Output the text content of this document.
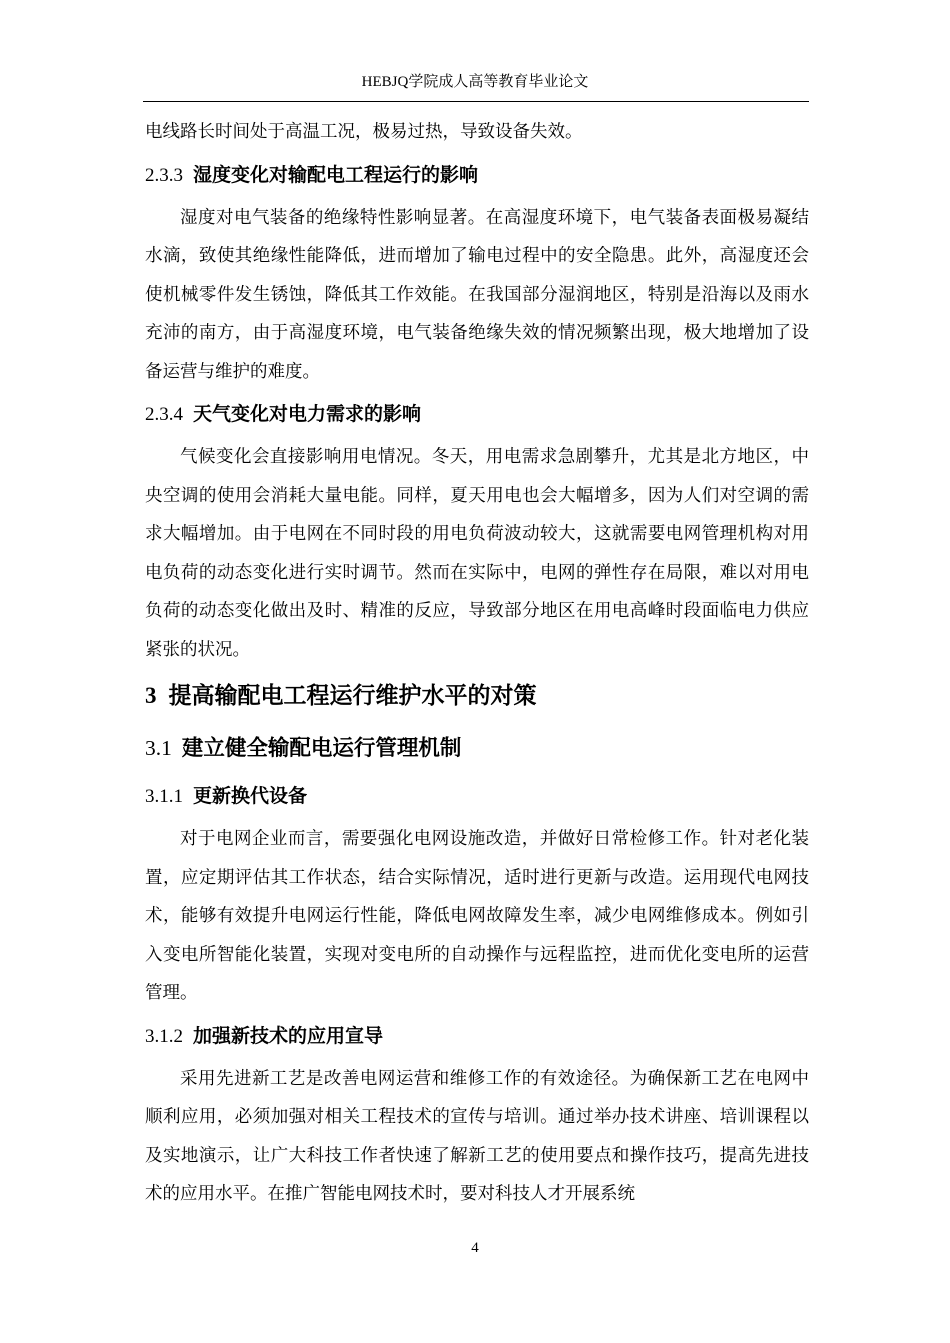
HEBJQ学院成人高等教育毕业论文

电线路长时间处于高温工况，极易过热，导致设备失效。

2.3.3 湿度变化对输配电工程运行的影响

湿度对电气装备的绝缘特性影响显著。在高湿度环境下，电气装备表面极易凝结水滴，致使其绝缘性能降低，进而增加了输电过程中的安全隐患。此外，高湿度还会使机械零件发生锈蚀，降低其工作效能。在我国部分湿润地区，特别是沿海以及雨水充沛的南方，由于高湿度环境，电气装备绝缘失效的情况频繁出现，极大地增加了设备运营与维护的难度。

2.3.4 天气变化对电力需求的影响

气候变化会直接影响用电情况。冬天，用电需求急剧攀升，尤其是北方地区，中央空调的使用会消耗大量电能。同样，夏天用电也会大幅增多，因为人们对空调的需求大幅增加。由于电网在不同时段的用电负荷波动较大，这就需要电网管理机构对用电负荷的动态变化进行实时调节。然而在实际中，电网的弹性存在局限，难以对用电负荷的动态变化做出及时、精准的反应，导致部分地区在用电高峰时段面临电力供应紧张的状况。

3 提高输配电工程运行维护水平的对策
3.1 建立健全输配电运行管理机制
3.1.1 更新换代设备

对于电网企业而言，需要强化电网设施改造，并做好日常检修工作。针对老化装置，应定期评估其工作状态，结合实际情况，适时进行更新与改造。运用现代电网技术，能够有效提升电网运行性能，降低电网故障发生率，减少电网维修成本。例如引入变电所智能化装置，实现对变电所的自动操作与远程监控，进而优化变电所的运营管理。

3.1.2 加强新技术的应用宣导

采用先进新工艺是改善电网运营和维修工作的有效途径。为确保新工艺在电网中顺利应用，必须加强对相关工程技术的宣传与培训。通过举办技术讲座、培训课程以及实地演示，让广大科技工作者快速了解新工艺的使用要点和操作技巧，提高先进技术的应用水平。在推广智能电网技术时，要对科技人才开展系统

4
